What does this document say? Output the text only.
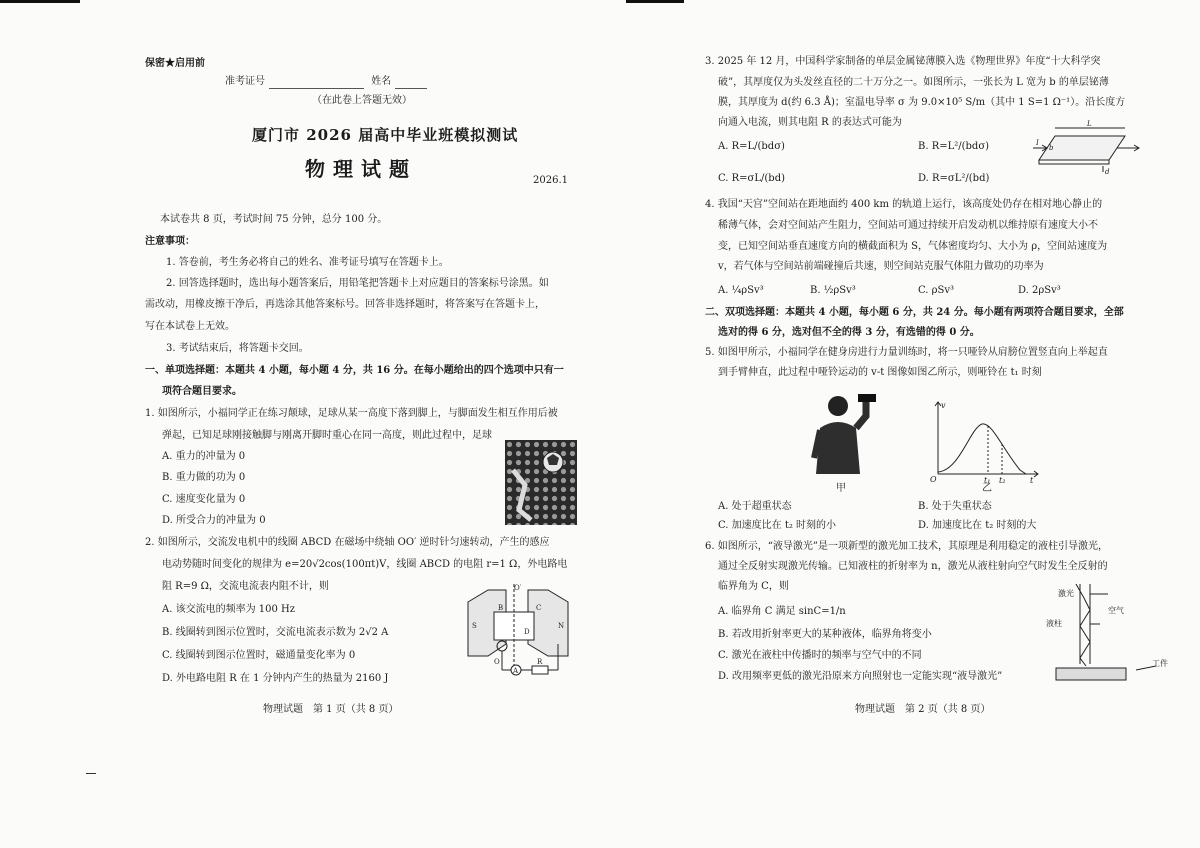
保密★启用前
准考证号	姓名
（在此卷上答题无效）
厦门市 2026 届高中毕业班模拟测试
物理试题	2026.1
本试卷共 8 页，考试时间 75 分钟，总分 100 分。
注意事项：
1. 答卷前，考生务必将自己的姓名、准考证号填写在答题卡上。
2. 回答选择题时，选出每小题答案后，用铅笔把答题卡上对应题目的答案标号涂黑。如
需改动，用橡皮擦干净后，再选涂其他答案标号。回答非选择题时，将答案写在答题卡上，
写在本试卷上无效。
3. 考试结束后，将答题卡交回。
一、单项选择题：本题共 4 小题，每小题 4 分，共 16 分。在每小题给出的四个选项中只有一
项符合题目要求。
1. 如图所示，小福同学正在练习颠球，足球从某一高度下落到脚上，与脚面发生相互作用后被
弹起，已知足球刚接触脚与刚离开脚时重心在同一高度，则此过程中，足球
A. 重力的冲量为 0
B. 重力做的功为 0
C. 速度变化量为 0
D. 所受合力的冲量为 0
2. 如图所示，交流发电机中的线圈 ABCD 在磁场中绕轴 OO′ 逆时针匀速转动，产生的感应
电动势随时间变化的规律为 e=20√2cos(100πt)V，线圈 ABCD 的电阻 r=1 Ω，外电路电
阻 R=9 Ω，交流电流表内阻不计，则
A. 该交流电的频率为 100 Hz
B. 线圈转到图示位置时，交流电流表示数为 2√2 A
C. 线圈转到图示位置时，磁通量变化率为 0
D. 外电路电阻 R 在 1 分钟内产生的热量为 2160 J
S	N
B	C
D
O′
O
A
R
物理试题　第 1 页（共 8 页）
3. 2025 年 12 月，中国科学家制备的单层金属铋薄膜入选《物理世界》年度“十大科学突
破”，其厚度仅为头发丝直径的二十万分之一。如图所示，一张长为 L 宽为 b 的单层铋薄
膜，其厚度为 d(约 6.3 Å)；室温电导率 σ 为 9.0×10⁵ S/m（其中 1 S=1 Ω⁻¹）。沿长度方
向通入电流，则其电阻 R 的表达式可能为
A. R=L/(bdσ)	B. R=L²/(bdσ)
C. R=σL/(bd)	D. R=σL²/(bd)
L
I
b
d
4. 我国“天宫”空间站在距地面约 400 km 的轨道上运行，该高度处仍存在相对地心静止的
稀薄气体，会对空间站产生阻力，空间站可通过持续开启发动机以维持原有速度大小不
变，已知空间站垂直速度方向的横截面积为 S，气体密度均匀、大小为 ρ，空间站速度为
v，若气体与空间站前端碰撞后共速，则空间站克服气体阻力做功的功率为
A. ¼ρSv³	B. ½ρSv³	C. ρSv³	D. 2ρSv³
二、双项选择题：本题共 4 小题，每小题 6 分，共 24 分。每小题有两项符合题目要求，全部
选对的得 6 分，选对但不全的得 3 分，有选错的得 0 分。
5. 如图甲所示，小福同学在健身房进行力量训练时，将一只哑铃从肩膀位置竖直向上举起直
到手臂伸直，此过程中哑铃运动的 v-t 图像如图乙所示，则哑铃在 t₁ 时刻
甲
v
O	t₁ t₂	t
乙
A. 处于超重状态	B. 处于失重状态
C. 加速度比在 t₂ 时刻的小	D. 加速度比在 t₂ 时刻的大
6. 如图所示，“液导激光”是一项新型的激光加工技术，其原理是利用稳定的液柱引导激光，
通过全反射实现激光传输。已知液柱的折射率为 n，激光从液柱射向空气时发生全反射的
临界角为 C，则
A. 临界角 C 满足 sinC=1/n
B. 若改用折射率更大的某种液体，临界角将变小
C. 激光在液柱中传播时的频率与空气中的不同
D. 改用频率更低的激光沿原来方向照射也一定能实现“液导激光”
激光
空气
液柱
工件
物理试题　第 2 页（共 8 页）
